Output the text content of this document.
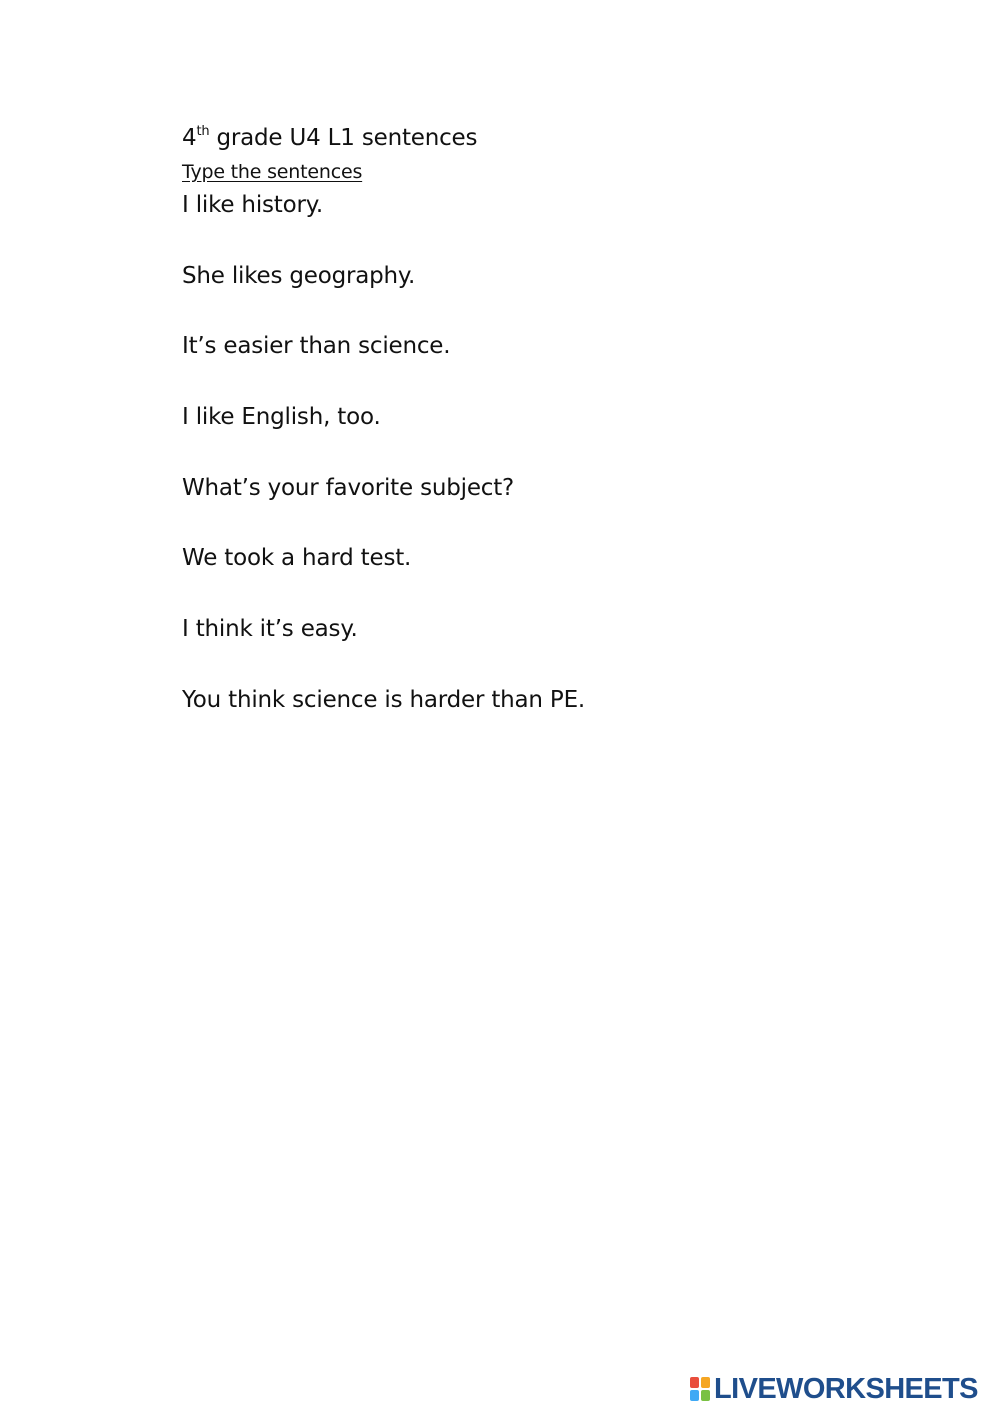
4th grade U4 L1 sentences
Type the sentences
I like history.
She likes geography.
It’s easier than science.
I like English, too.
What’s your favorite subject?
We took a hard test.
I think it’s easy.
You think science is harder than PE.
LIVEWORKSHEETS
